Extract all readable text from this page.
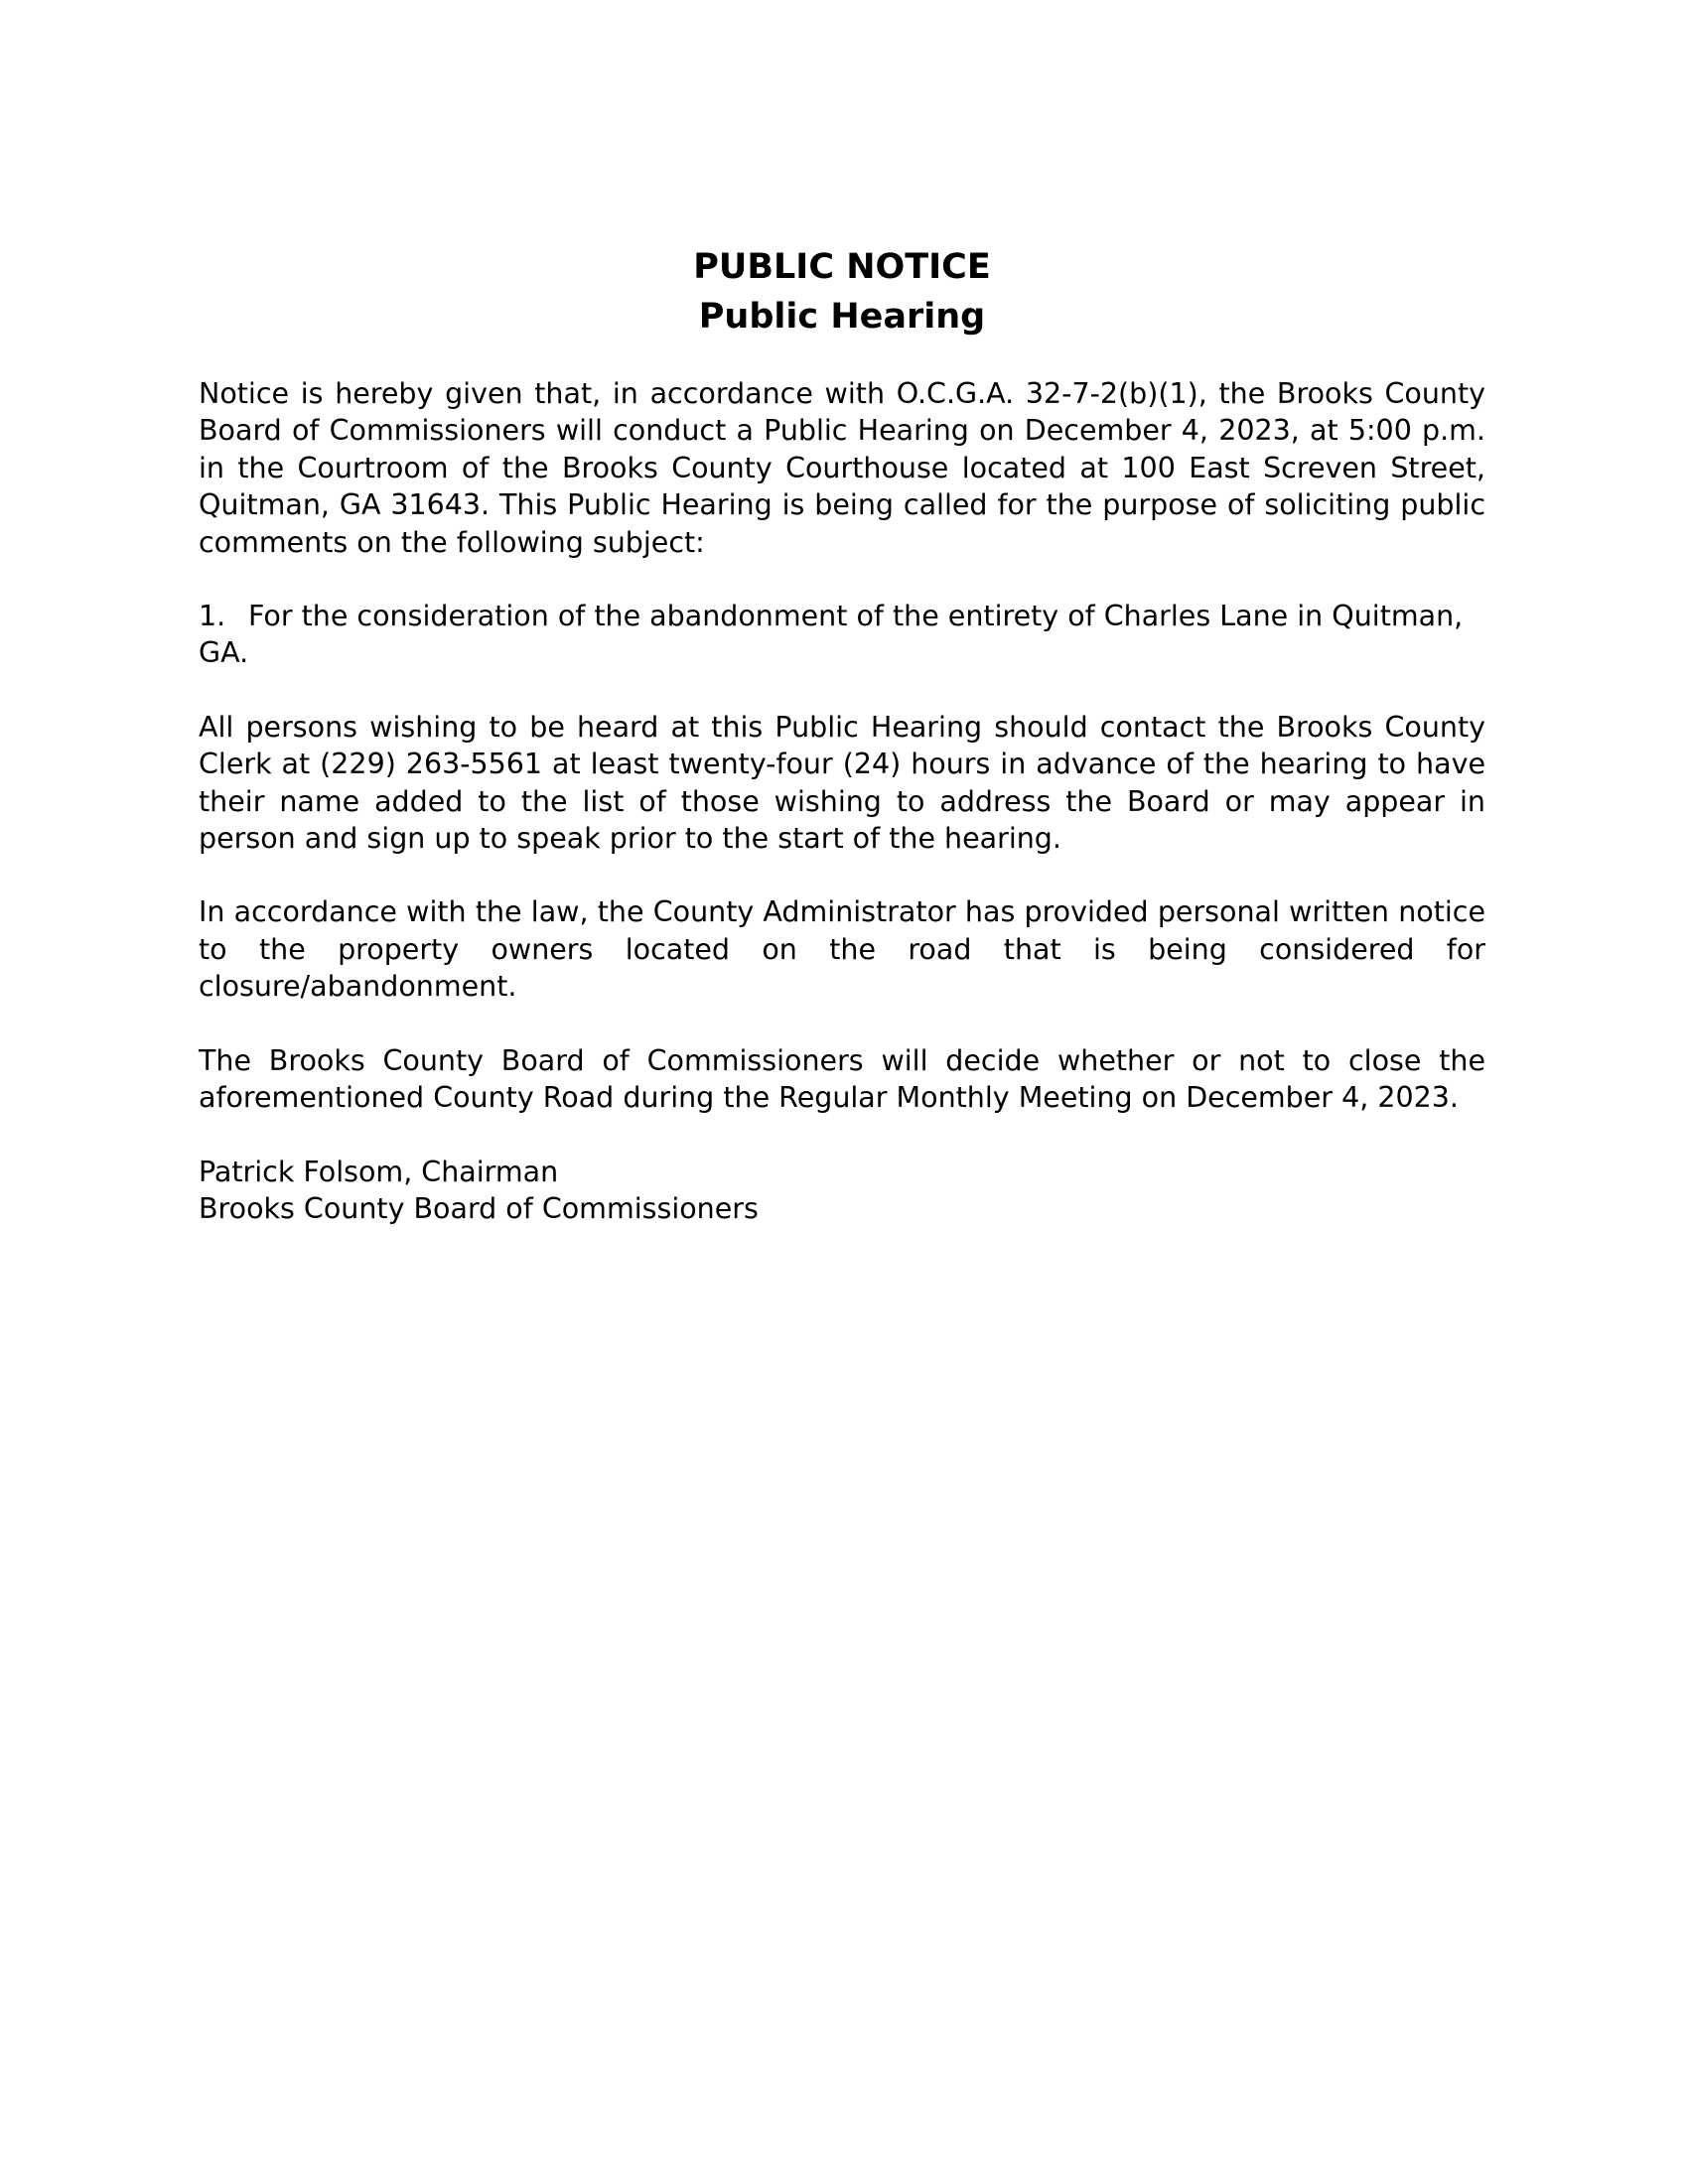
PUBLIC NOTICE
Public Hearing

Notice is hereby given that, in accordance with O.C.G.A. 32-7-2(b)(1), the Brooks County Board of Commissioners will conduct a Public Hearing on December 4, 2023, at 5:00 p.m. in the Courtroom of the Brooks County Courthouse located at 100 East Screven Street, Quitman, GA 31643. This Public Hearing is being called for the purpose of soliciting public comments on the following subject:

1. For the consideration of the abandonment of the entirety of Charles Lane in Quitman, GA.

All persons wishing to be heard at this Public Hearing should contact the Brooks County Clerk at (229) 263-5561 at least twenty-four (24) hours in advance of the hearing to have their name added to the list of those wishing to address the Board or may appear in person and sign up to speak prior to the start of the hearing.

In accordance with the law, the County Administrator has provided personal written notice to the property owners located on the road that is being considered for closure/abandonment.

The Brooks County Board of Commissioners will decide whether or not to close the aforementioned County Road during the Regular Monthly Meeting on December 4, 2023.

Patrick Folsom, Chairman
Brooks County Board of Commissioners
